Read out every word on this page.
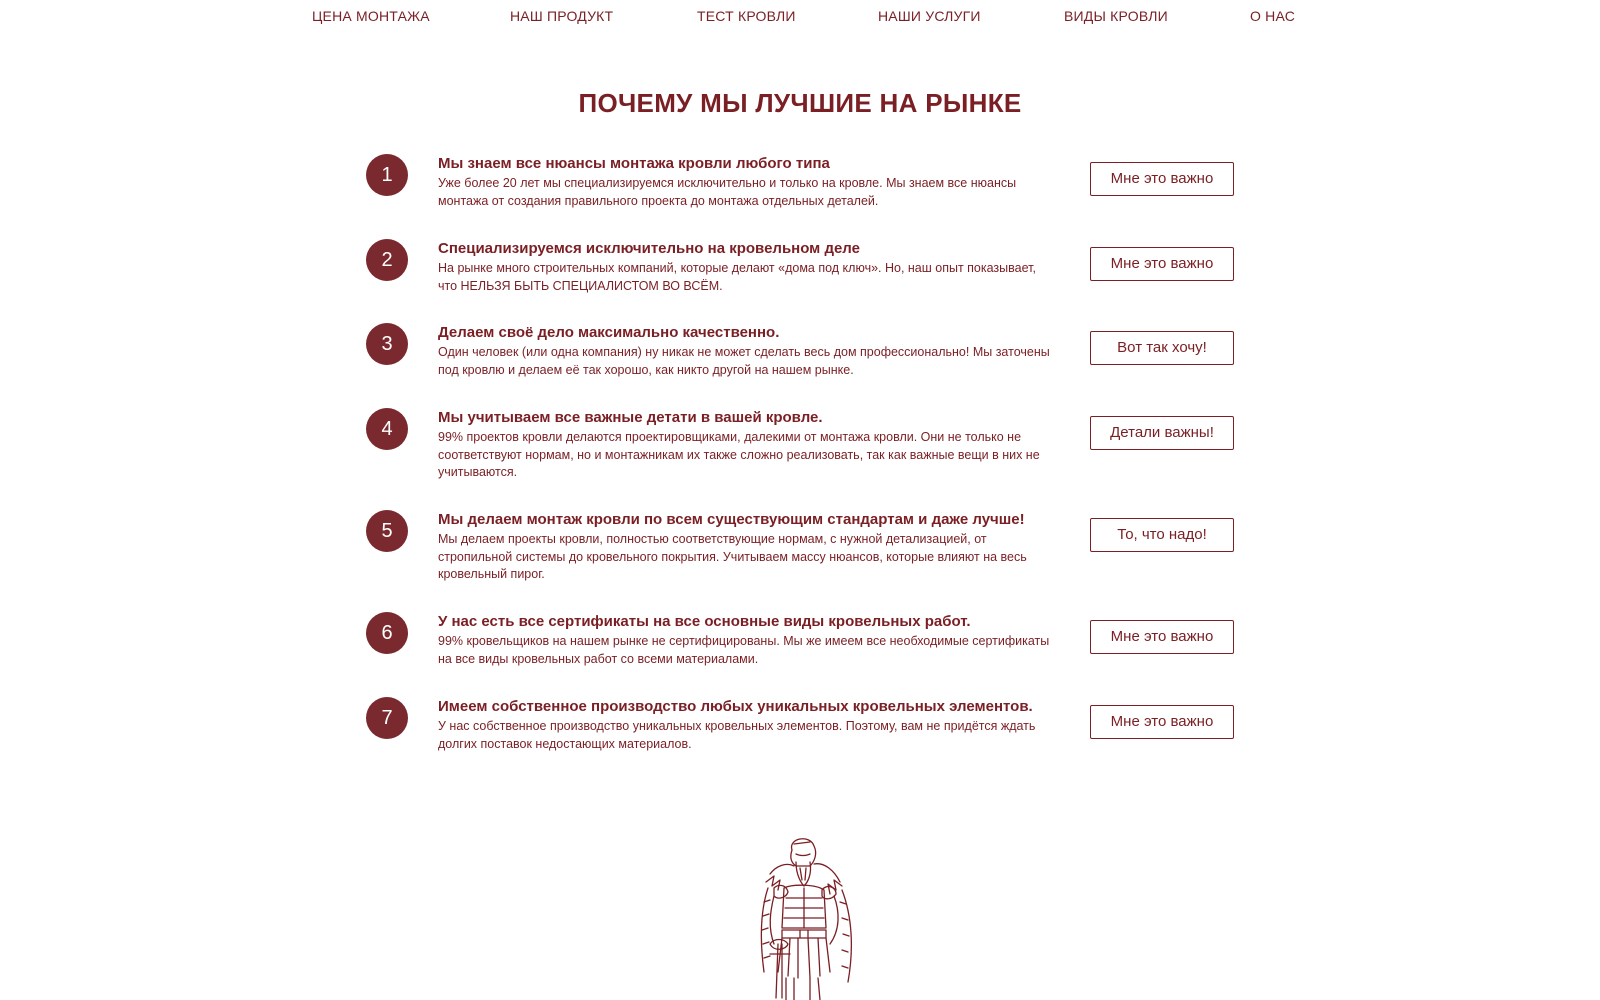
ЦЕНА МОНТАЖА	НАШ ПРОДУКТ	ТЕСТ КРОВЛИ	НАШИ УСЛУГИ	ВИДЫ КРОВЛИ	О НАС
ПОЧЕМУ МЫ ЛУЧШИЕ НА РЫНКЕ
1	Мы знаем все нюансы монтажа кровли любого типа
Уже более 20 лет мы специализируемся исключительно и только на кровле. Мы знаем все нюансы монтажа от создания правильного проекта до монтажа отдельных деталей.
Мне это важно
2	Специализируемся исключительно на кровельном деле
На рынке много строительных компаний, которые делают «дома под ключ». Но, наш опыт показывает, что НЕЛЬЗЯ БЫТЬ СПЕЦИАЛИСТОМ ВО ВСЁМ.
Мне это важно
3	Делаем своё дело максимально качественно.
Один человек (или одна компания) ну никак не может сделать весь дом профессионально! Мы заточены под кровлю и делаем её так хорошо, как никто другой на нашем рынке.
Вот так хочу!
4	Мы учитываем все важные детати в вашей кровле.
99% проектов кровли делаются проектировщиками, далекими от монтажа кровли. Они не только не соответствуют нормам, но и монтажникам их также сложно реализовать, так как важные вещи в них не учитываются.
Детали важны!
5	Мы делаем монтаж кровли по всем существующим стандартам и даже лучше!
Мы делаем проекты кровли, полностью соответствующие нормам, с нужной детализацией, от стропильной системы до кровельного покрытия. Учитываем массу нюансов, которые влияют на весь кровельный пирог.
То, что надо!
6	У нас есть все сертификаты на все основные виды кровельных работ.
99% кровельщиков на нашем рынке не сертифицированы. Мы же имеем все необходимые сертификаты на все виды кровельных работ со всеми материалами.
Мне это важно
7	Имеем собственное производство любых уникальных кровельных элементов.
У нас собственное производство уникальных кровельных элементов. Поэтому, вам не придётся ждать долгих поставок недостающих материалов.
Мне это важно
